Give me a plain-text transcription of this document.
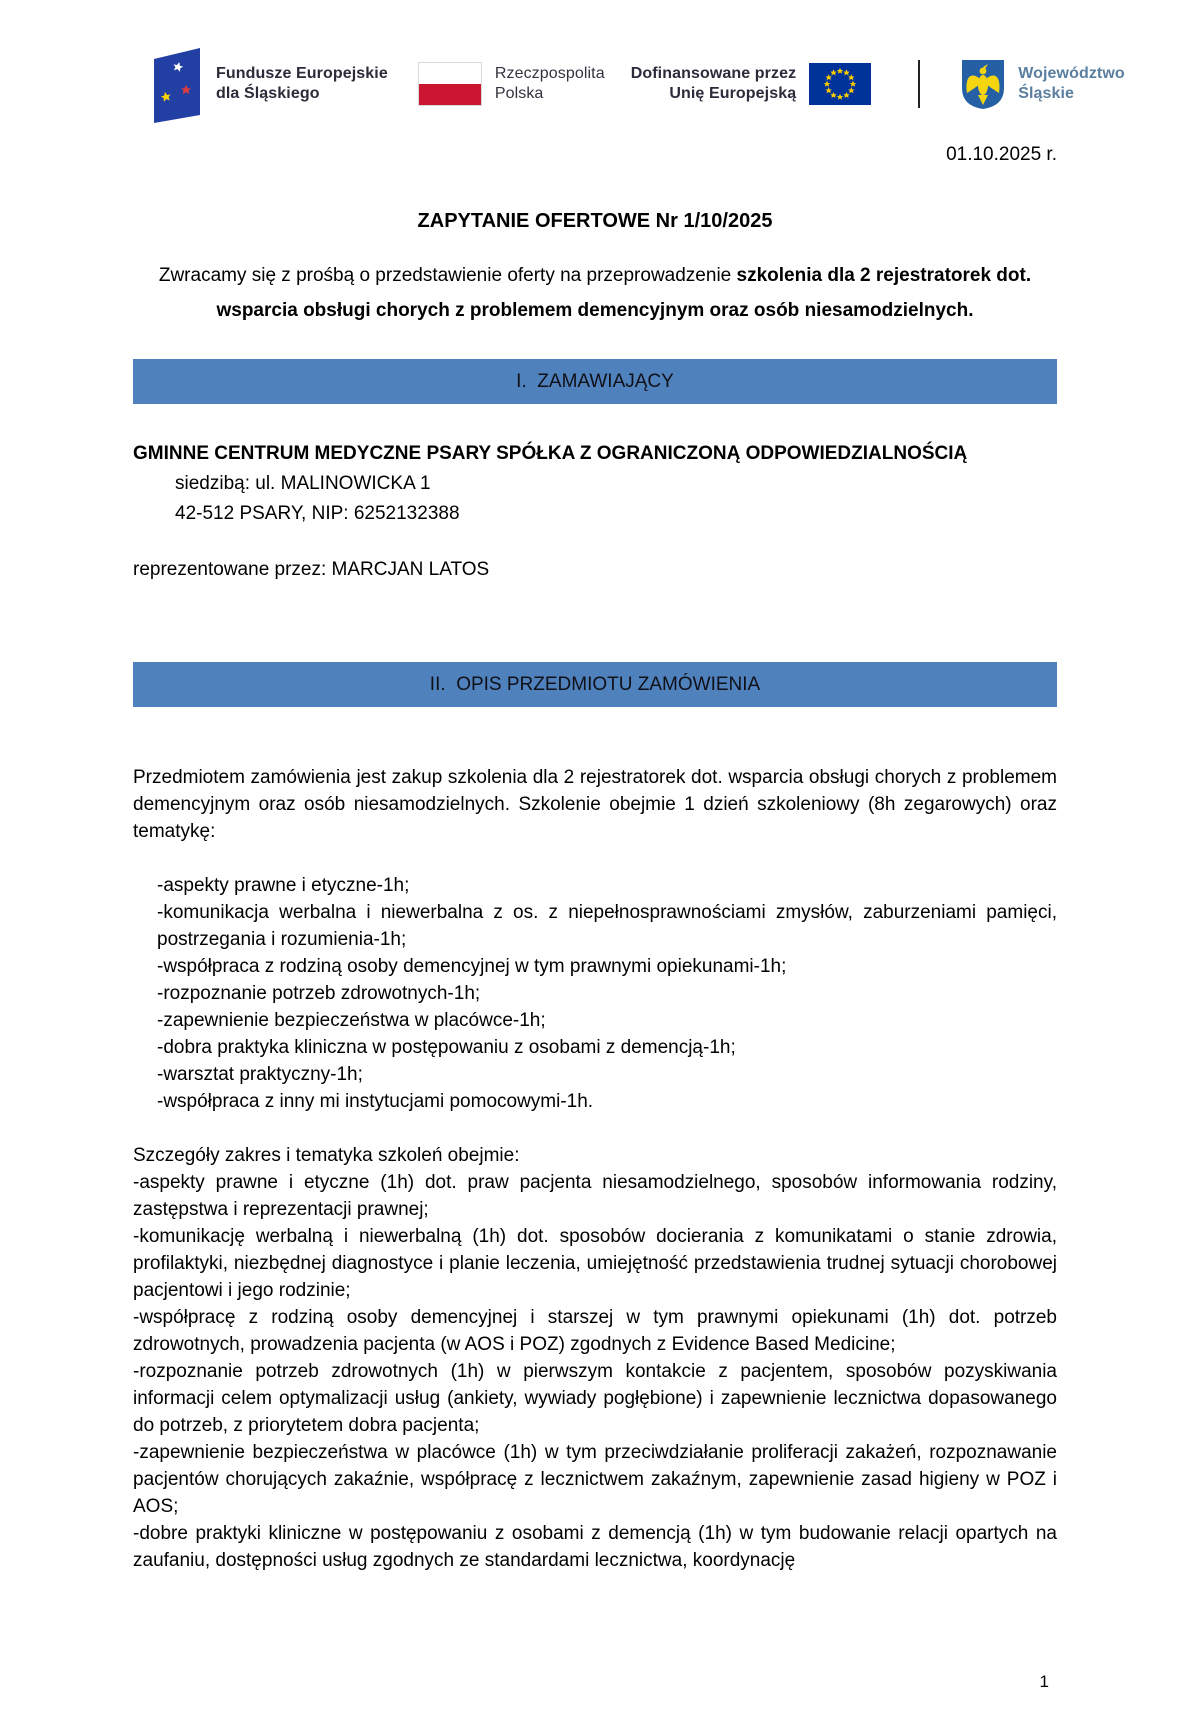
Fundusze Europejskie
dla Śląskiego
Rzeczpospolita
Polska
Dofinansowane przez
Unię Europejską
Województwo
Śląskie
01.10.2025 r.
ZAPYTANIE OFERTOWE Nr 1/10/2025
Zwracamy się z prośbą o przedstawienie oferty na przeprowadzenie szkolenia dla 2 rejestratorek dot. wsparcia obsługi chorych z problemem demencyjnym oraz osób niesamodzielnych.
I.  ZAMAWIAJĄCY
GMINNE CENTRUM MEDYCZNE PSARY SPÓŁKA Z OGRANICZONĄ ODPOWIEDZIALNOŚCIĄ
siedzibą: ul. MALINOWICKA 1
42-512 PSARY, NIP: 6252132388
reprezentowane przez: MARCJAN LATOS
II.  OPIS PRZEDMIOTU ZAMÓWIENIA
Przedmiotem zamówienia jest zakup szkolenia dla 2 rejestratorek dot. wsparcia obsługi chorych z problemem demencyjnym oraz osób niesamodzielnych. Szkolenie obejmie 1 dzień szkoleniowy (8h zegarowych) oraz tematykę:
-aspekty prawne i etyczne-1h;
-komunikacja werbalna i niewerbalna z os. z niepełnosprawnościami zmysłów, zaburzeniami pamięci, postrzegania i rozumienia-1h;
-współpraca z rodziną osoby demencyjnej w tym prawnymi opiekunami-1h;
-rozpoznanie potrzeb zdrowotnych-1h;
-zapewnienie bezpieczeństwa w placówce-1h;
-dobra praktyka kliniczna w postępowaniu z osobami z demencją-1h;
-warsztat praktyczny-1h;
-współpraca z inny mi instytucjami pomocowymi-1h.
Szczegóły zakres i tematyka szkoleń obejmie:
-aspekty prawne i etyczne (1h) dot. praw pacjenta niesamodzielnego, sposobów informowania rodziny, zastępstwa i reprezentacji prawnej;
-komunikację werbalną i niewerbalną (1h) dot. sposobów docierania z komunikatami o stanie zdrowia, profilaktyki, niezbędnej diagnostyce i planie leczenia, umiejętność przedstawienia trudnej sytuacji chorobowej pacjentowi i jego rodzinie;
-współpracę z rodziną osoby demencyjnej i starszej w tym prawnymi opiekunami (1h) dot. potrzeb zdrowotnych, prowadzenia pacjenta (w AOS i POZ) zgodnych z Evidence Based Medicine;
-rozpoznanie potrzeb zdrowotnych (1h) w pierwszym kontakcie z pacjentem, sposobów pozyskiwania informacji celem optymalizacji usług (ankiety, wywiady pogłębione) i zapewnienie lecznictwa dopasowanego do potrzeb, z priorytetem dobra pacjenta;
-zapewnienie bezpieczeństwa w placówce (1h) w tym przeciwdziałanie proliferacji zakażeń, rozpoznawanie pacjentów chorujących zakaźnie, współpracę z lecznictwem zakaźnym, zapewnienie zasad higieny w POZ i AOS;
-dobre praktyki kliniczne w postępowaniu z osobami z demencją (1h) w tym budowanie relacji opartych na zaufaniu, dostępności usług zgodnych ze standardami lecznictwa, koordynację
1
